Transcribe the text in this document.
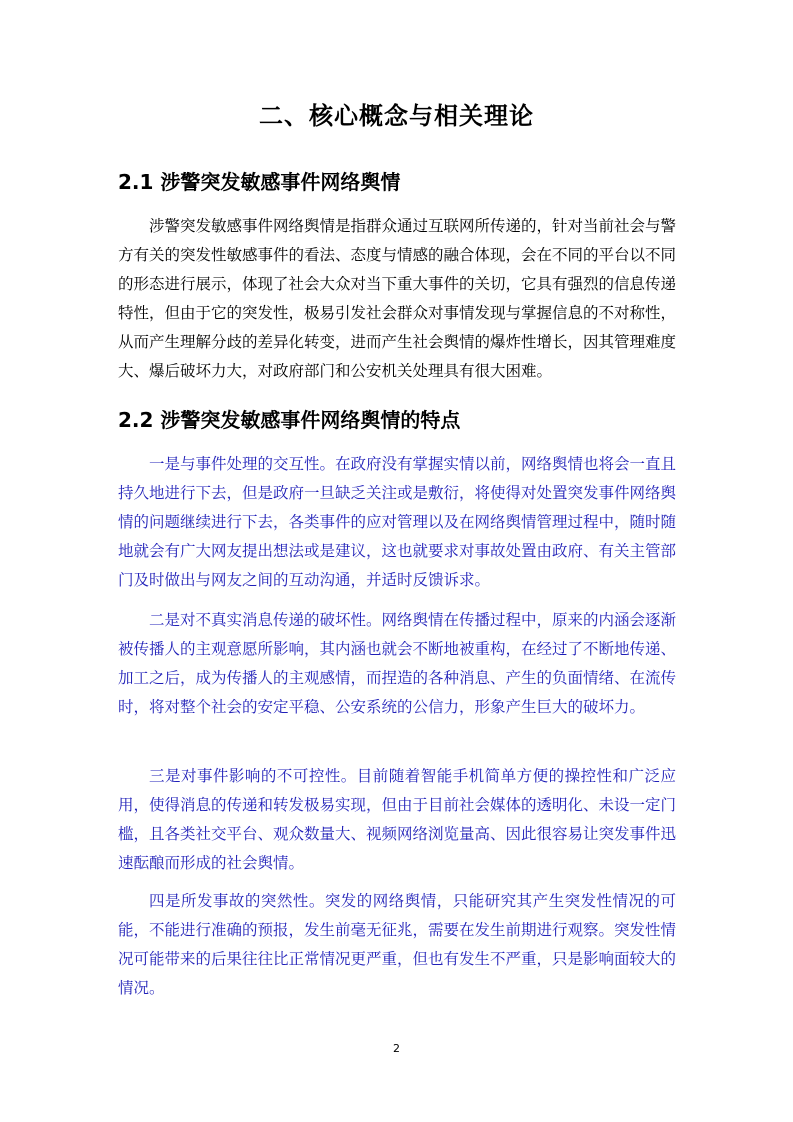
二、核心概念与相关理论
2.1 涉警突发敏感事件网络舆情

涉警突发敏感事件网络舆情是指群众通过互联网所传递的，针对当前社会与警方有关的突发性敏感事件的看法、态度与情感的融合体现，会在不同的平台以不同的形态进行展示，体现了社会大众对当下重大事件的关切，它具有强烈的信息传递特性，但由于它的突发性，极易引发社会群众对事情发现与掌握信息的不对称性，从而产生理解分歧的差异化转变，进而产生社会舆情的爆炸性增长，因其管理难度大、爆后破坏力大，对政府部门和公安机关处理具有很大困难。

2.2 涉警突发敏感事件网络舆情的特点

一是与事件处理的交互性。在政府没有掌握实情以前，网络舆情也将会一直且持久地进行下去，但是政府一旦缺乏关注或是敷衍，将使得对处置突发事件网络舆情的问题继续进行下去，各类事件的应对管理以及在网络舆情管理过程中，随时随地就会有广大网友提出想法或是建议，这也就要求对事故处置由政府、有关主管部门及时做出与网友之间的互动沟通，并适时反馈诉求。

二是对不真实消息传递的破坏性。网络舆情在传播过程中，原来的内涵会逐渐被传播人的主观意愿所影响，其内涵也就会不断地被重构，在经过了不断地传递、加工之后，成为传播人的主观感情，而捏造的各种消息、产生的负面情绪、在流传时，将对整个社会的安定平稳、公安系统的公信力，形象产生巨大的破坏力。

三是对事件影响的不可控性。目前随着智能手机简单方便的操控性和广泛应用，使得消息的传递和转发极易实现，但由于目前社会媒体的透明化、未设一定门槛，且各类社交平台、观众数量大、视频网络浏览量高、因此很容易让突发事件迅速酝酿而形成的社会舆情。

四是所发事故的突然性。突发的网络舆情，只能研究其产生突发性情况的可能，不能进行准确的预报，发生前毫无征兆，需要在发生前期进行观察。突发性情况可能带来的后果往往比正常情况更严重，但也有发生不严重，只是影响面较大的情况。

2
